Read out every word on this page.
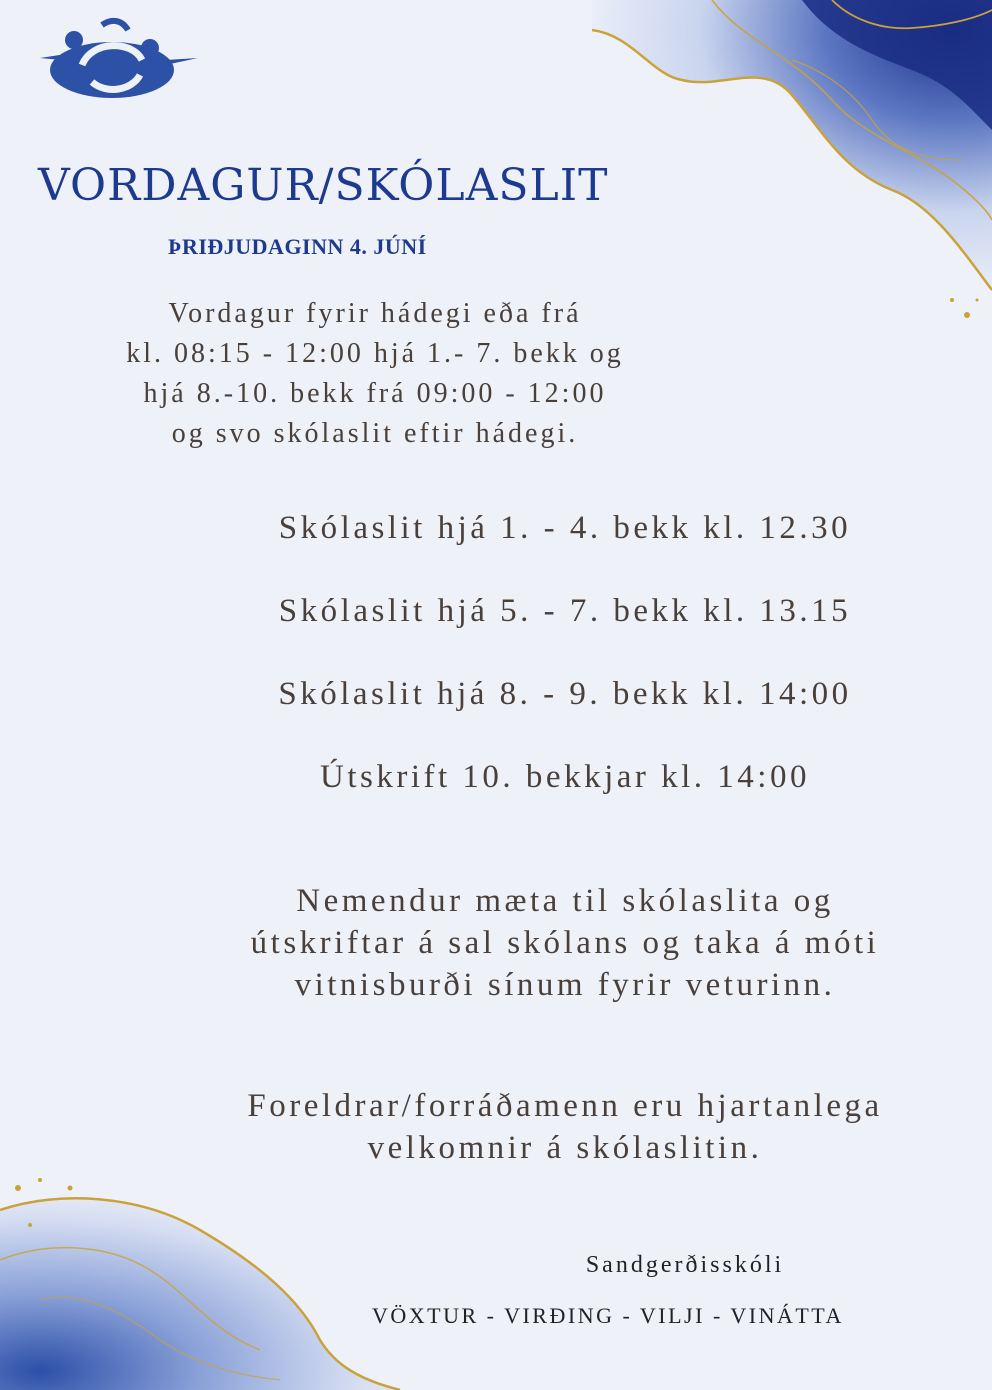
VORDAGUR/SKÓLASLIT
ÞRIÐJUDAGINN 4. JÚNÍ
Vordagur fyrir hádegi eða frá
kl. 08:15 - 12:00 hjá 1.- 7. bekk og
hjá 8.-10. bekk frá 09:00 - 12:00
og svo skólaslit eftir hádegi.
Skólaslit hjá 1. - 4. bekk kl. 12.30
Skólaslit hjá 5. - 7. bekk kl. 13.15
Skólaslit hjá 8. - 9. bekk kl. 14:00
Útskrift 10. bekkjar kl. 14:00
Nemendur mæta til skólaslita og
útskriftar á sal skólans og taka á móti
vitnisburði sínum fyrir veturinn.
Foreldrar/forráðamenn eru hjartanlega
velkomnir á skólaslitin.
Sandgerðisskóli
VÖXTUR - VIRÐING - VILJI - VINÁTTA
